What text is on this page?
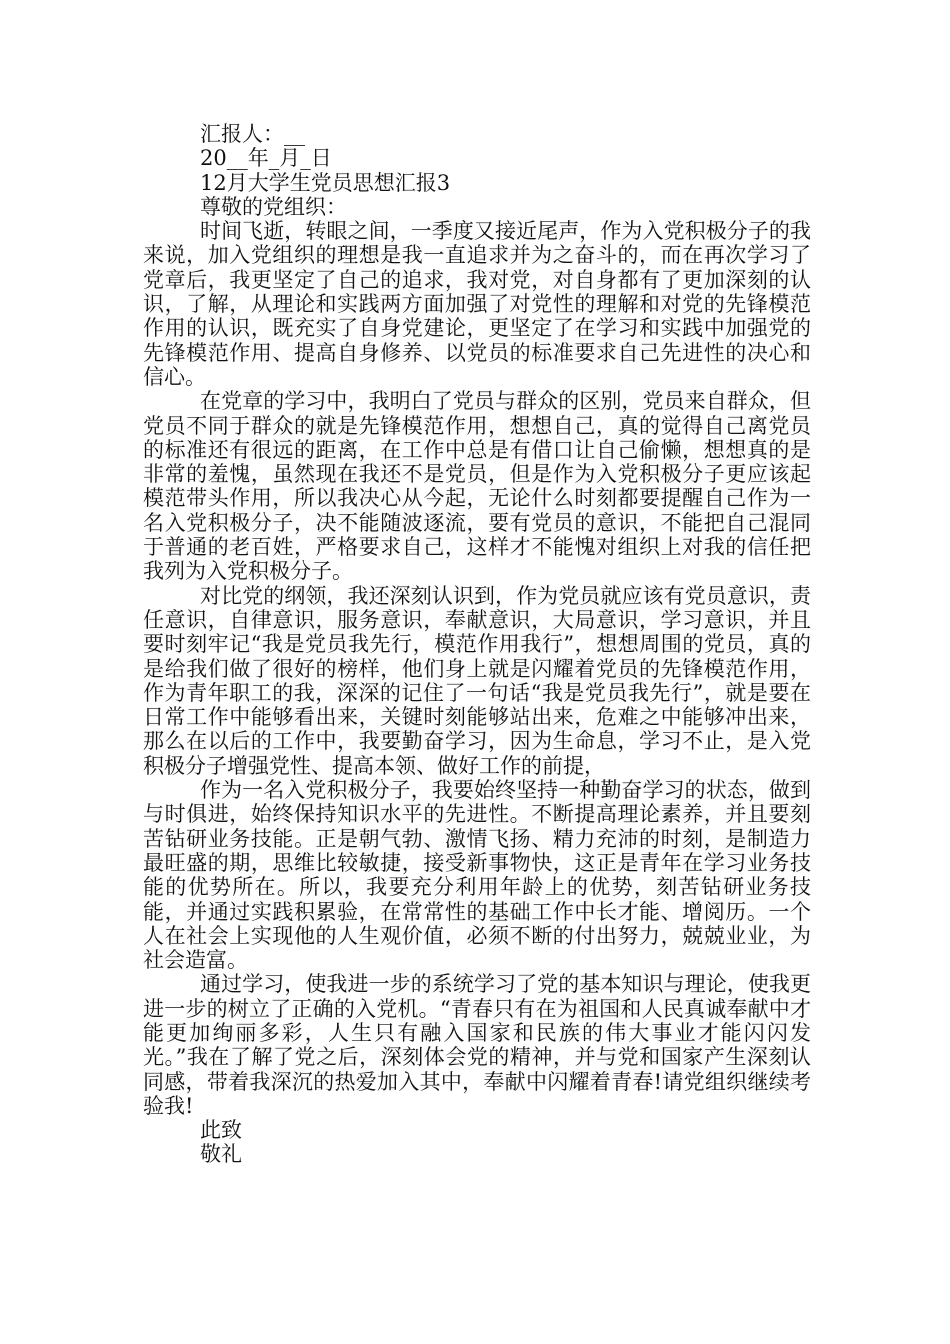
汇报人：__
20__年_月_日
12月大学生党员思想汇报3
尊敬的党组织：

时间飞逝，转眼之间，一季度又接近尾声，作为入党积极分子的我来说，加入党组织的理想是我一直追求并为之奋斗的，而在再次学习了党章后，我更坚定了自己的追求，我对党，对自身都有了更加深刻的认识，了解，从理论和实践两方面加强了对党性的理解和对党的先锋模范作用的认识，既充实了自身党建论，更坚定了在学习和实践中加强党的先锋模范作用、提高自身修养、以党员的标准要求自己先进性的决心和信心。

在党章的学习中，我明白了党员与群众的区别，党员来自群众，但党员不同于群众的就是先锋模范作用，想想自己，真的觉得自己离党员的标准还有很远的距离，在工作中总是有借口让自己偷懒，想想真的是非常的羞愧，虽然现在我还不是党员，但是作为入党积极分子更应该起模范带头作用，所以我决心从今起，无论什么时刻都要提醒自己作为一名入党积极分子，决不能随波逐流，要有党员的意识，不能把自己混同于普通的老百姓，严格要求自己，这样才不能愧对组织上对我的信任把我列为入党积极分子。

对比党的纲领，我还深刻认识到，作为党员就应该有党员意识，责任意识，自律意识，服务意识，奉献意识，大局意识，学习意识，并且要时刻牢记“我是党员我先行，模范作用我行”，想想周围的党员，真的是给我们做了很好的榜样，他们身上就是闪耀着党员的先锋模范作用，作为青年职工的我，深深的记住了一句话“我是党员我先行”，就是要在日常工作中能够看出来，关键时刻能够站出来，危难之中能够冲出来，那么在以后的工作中，我要勤奋学习，因为生命息，学习不止，是入党积极分子增强党性、提高本领、做好工作的前提，

作为一名入党积极分子，我要始终坚持一种勤奋学习的状态，做到与时俱进，始终保持知识水平的先进性。不断提高理论素养，并且要刻苦钻研业务技能。正是朝气勃、激情飞扬、精力充沛的时刻，是制造力最旺盛的期，思维比较敏捷，接受新事物快，这正是青年在学习业务技能的优势所在。所以，我要充分利用年龄上的优势，刻苦钻研业务技能，并通过实践积累验，在常常性的基础工作中长才能、增阅历。一个人在社会上实现他的人生观价值，必须不断的付出努力，兢兢业业，为社会造富。

通过学习，使我进一步的系统学习了党的基本知识与理论，使我更进一步的树立了正确的入党机。“青春只有在为祖国和人民真诚奉献中才能更加绚丽多彩，人生只有融入国家和民族的伟大事业才能闪闪发光。”我在了解了党之后，深刻体会党的精神，并与党和国家产生深刻认同感，带着我深沉的热爱加入其中，奉献中闪耀着青春!请党组织继续考验我!

此致
敬礼
